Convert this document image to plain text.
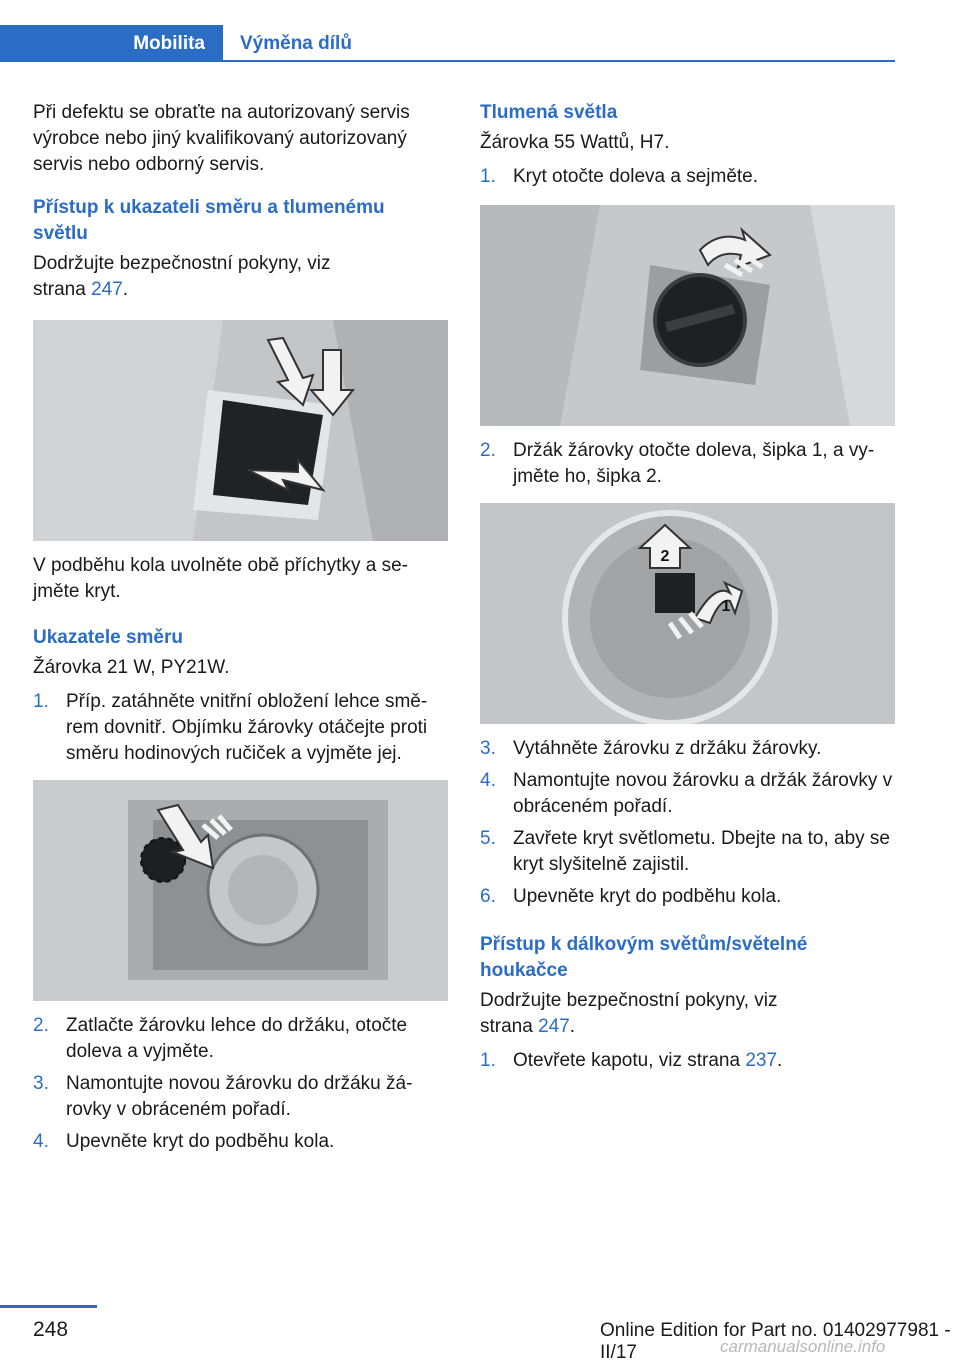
Mobilita Výměna dílů

Při defektu se obraťte na autorizovaný servis výrobce nebo jiný kvalifikovaný autorizovaný servis nebo odborný servis.

Přístup k ukazateli směru a tlumenému světlu

Dodržujte bezpečnostní pokyny, viz strana 247.

V podběhu kola uvolněte obě příchytky a se‐jměte kryt.

Ukazatele směru

Žárovka 21 W, PY21W.

1. Příp. zatáhněte vnitřní obložení lehce smě‐rem dovnitř. Objímku žárovky otáčejte proti směru hodinových ručiček a vyjměte jej.
2. Zatlačte žárovku lehce do držáku, otočte doleva a vyjměte.
3. Namontujte novou žárovku do držáku žá‐rovky v obráceném pořadí.
4. Upevněte kryt do podběhu kola.
Tlumená světla

Žárovka 55 Wattů, H7.

1. Kryt otočte doleva a sejměte.
2. Držák žárovky otočte doleva, šipka 1, a vy‐jměte ho, šipka 2.
2
1
3. Vytáhněte žárovku z držáku žárovky.
4. Namontujte novou žárovku a držák žárovky v obráceném pořadí.
5. Zavřete kryt světlometu. Dbejte na to, aby se kryt slyšitelně zajistil.
6. Upevněte kryt do podběhu kola.
Přístup k dálkovým světům/světelné houkačce

Dodržujte bezpečnostní pokyny, viz strana 247.

1. Otevřete kapotu, viz strana 237.
248	Online Edition for Part no. 01402977981 - II/17	carmanualsonline.info
